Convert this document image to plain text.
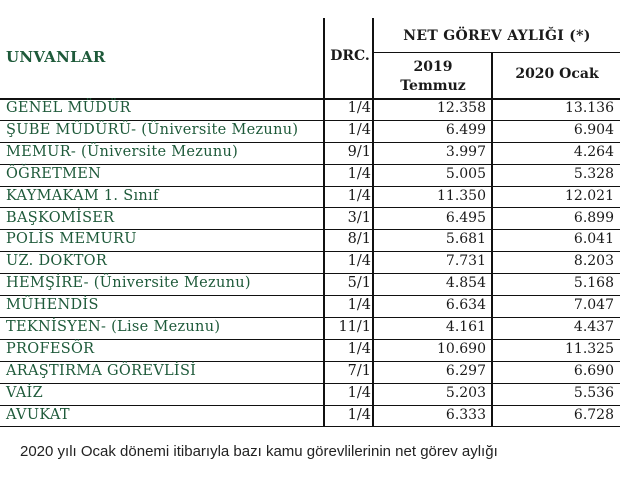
UNVANLAR	DRC.
NET GÖREV AYLIĞI (*)
2019
Temmuz
2020 Ocak
GENEL MÜDÜR	1/4	12.358	13.136
ŞUBE MÜDÜRÜ- (Üniversite Mezunu)	1/4	6.499	6.904
MEMUR- (Üniversite Mezunu)	9/1	3.997	4.264
ÖĞRETMEN	1/4	5.005	5.328
KAYMAKAM 1. Sınıf	1/4	11.350	12.021
BAŞKOMİSER	3/1	6.495	6.899
POLİS MEMURU	8/1	5.681	6.041
UZ. DOKTOR	1/4	7.731	8.203
HEMŞİRE- (Üniversite Mezunu)	5/1	4.854	5.168
MÜHENDİS	1/4	6.634	7.047
TEKNİSYEN- (Lise Mezunu)	11/1	4.161	4.437
PROFESÖR	1/4	10.690	11.325
ARAŞTIRMA GÖREVLİSİ	7/1	6.297	6.690
VAİZ	1/4	5.203	5.536
AVUKAT	1/4	6.333	6.728
2020 yılı Ocak dönemi itibarıyla bazı kamu görevlilerinin net görev aylığı
